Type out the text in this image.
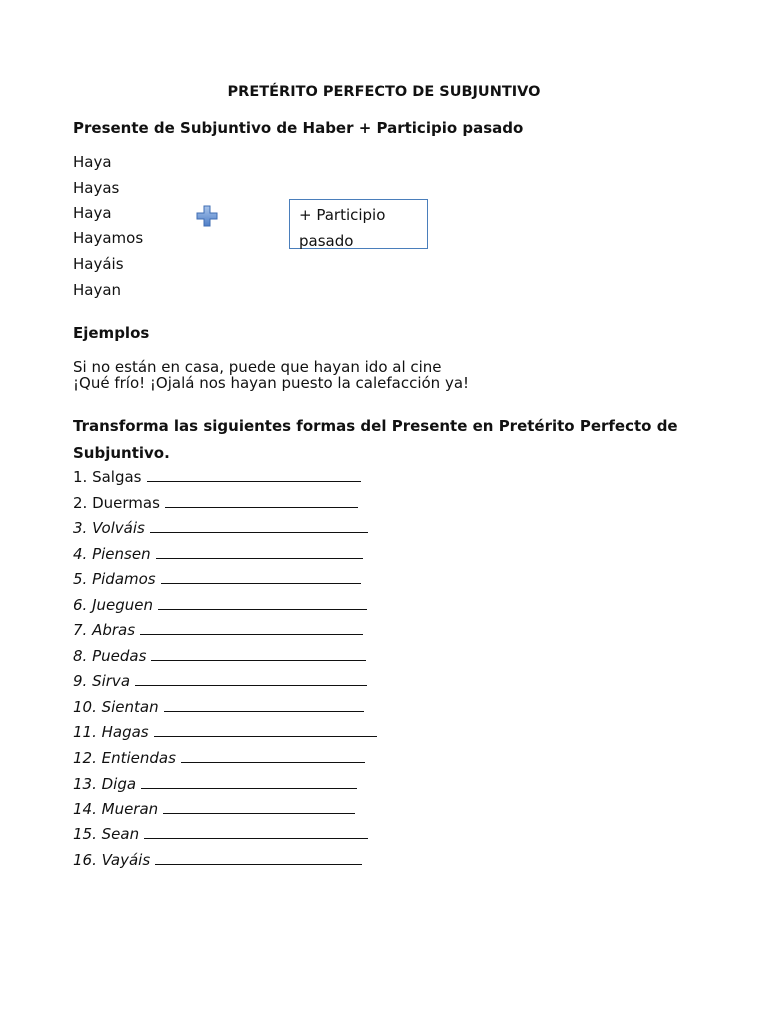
PRETÉRITO PERFECTO DE SUBJUNTIVO
Presente de Subjuntivo de Haber + Participio pasado
Haya
Hayas
Haya
Hayamos
Hayáis
Hayan
+ Participio pasado
Ejemplos
Si no están en casa, puede que hayan ido al cine
¡Qué frío! ¡Ojalá nos hayan puesto la calefacción ya!
Transforma las siguientes formas del Presente en Pretérito Perfecto de Subjuntivo.
1. Salgas
2. Duermas
3. Volváis
4. Piensen
5. Pidamos
6. Jueguen
7. Abras
8. Puedas
9. Sirva
10. Sientan
11. Hagas
12. Entiendas
13. Diga
14. Mueran
15. Sean
16. Vayáis
